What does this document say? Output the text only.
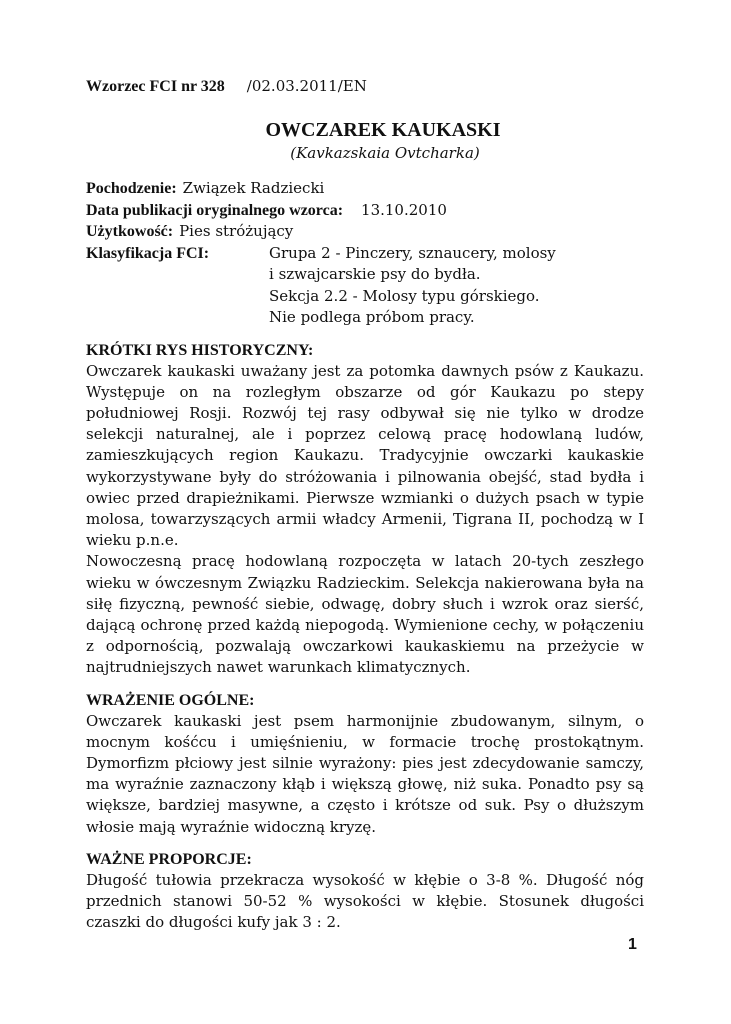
Wzorzec FCI nr 328 /02.03.2011/EN
OWCZAREK KAUKASKI
(Kavkazskaia Ovtcharka)
Pochodzenie: Związek Radziecki
Data publikacji oryginalnego wzorca: 13.10.2010
Użytkowość: Pies stróżujący
Klasyfikacja FCI:	Grupa 2 - Pinczery, sznaucery, molosy
i szwajcarskie psy do bydła.
Sekcja 2.2 - Molosy typu górskiego.
Nie podlega próbom pracy.
KRÓTKI RYS HISTORYCZNY:

Owczarek kaukaski uważany jest za potomka dawnych psów z Kaukazu. Występuje on na rozległym obszarze od gór Kaukazu po stepy południowej Rosji. Rozwój tej rasy odbywał się nie tylko w drodze selekcji naturalnej, ale i poprzez celową pracę hodowlaną ludów, zamieszkujących region Kaukazu. Tradycyjnie owczarki kaukaskie wykorzystywane były do stróżowania i pilnowania obejść, stad bydła i owiec przed drapieżnikami. Pierwsze wzmianki o dużych psach w typie molosa, towarzyszących armii władcy Armenii, Tigrana II, pochodzą w I wieku p.n.e.

Nowoczesną pracę hodowlaną rozpoczęta w latach 20-tych zeszłego wieku w ówczesnym Związku Radzieckim. Selekcja nakierowana była na siłę fizyczną, pewność siebie, odwagę, dobry słuch i wzrok oraz sierść, dającą ochronę przed każdą niepogodą. Wymienione cechy, w połączeniu z odpornością, pozwalają owczarkowi kaukaskiemu na przeżycie w najtrudniejszych nawet warunkach klimatycznych.

WRAŻENIE OGÓLNE:

Owczarek kaukaski jest psem harmonijnie zbudowanym, silnym, o mocnym kośćcu i umięśnieniu, w formacie trochę prostokątnym. Dymorfizm płciowy jest silnie wyrażony: pies jest zdecydowanie samczy, ma wyraźnie zaznaczony kłąb i większą głowę, niż suka. Ponadto psy są większe, bardziej masywne, a często i krótsze od suk. Psy o dłuższym włosie mają wyraźnie widoczną kryzę.

WAŻNE PROPORCJE:

Długość tułowia przekracza wysokość w kłębie o 3-8 %. Długość nóg przednich stanowi 50-52 % wysokości w kłębie. Stosunek długości czaszki do długości kufy jak 3 : 2.

1
